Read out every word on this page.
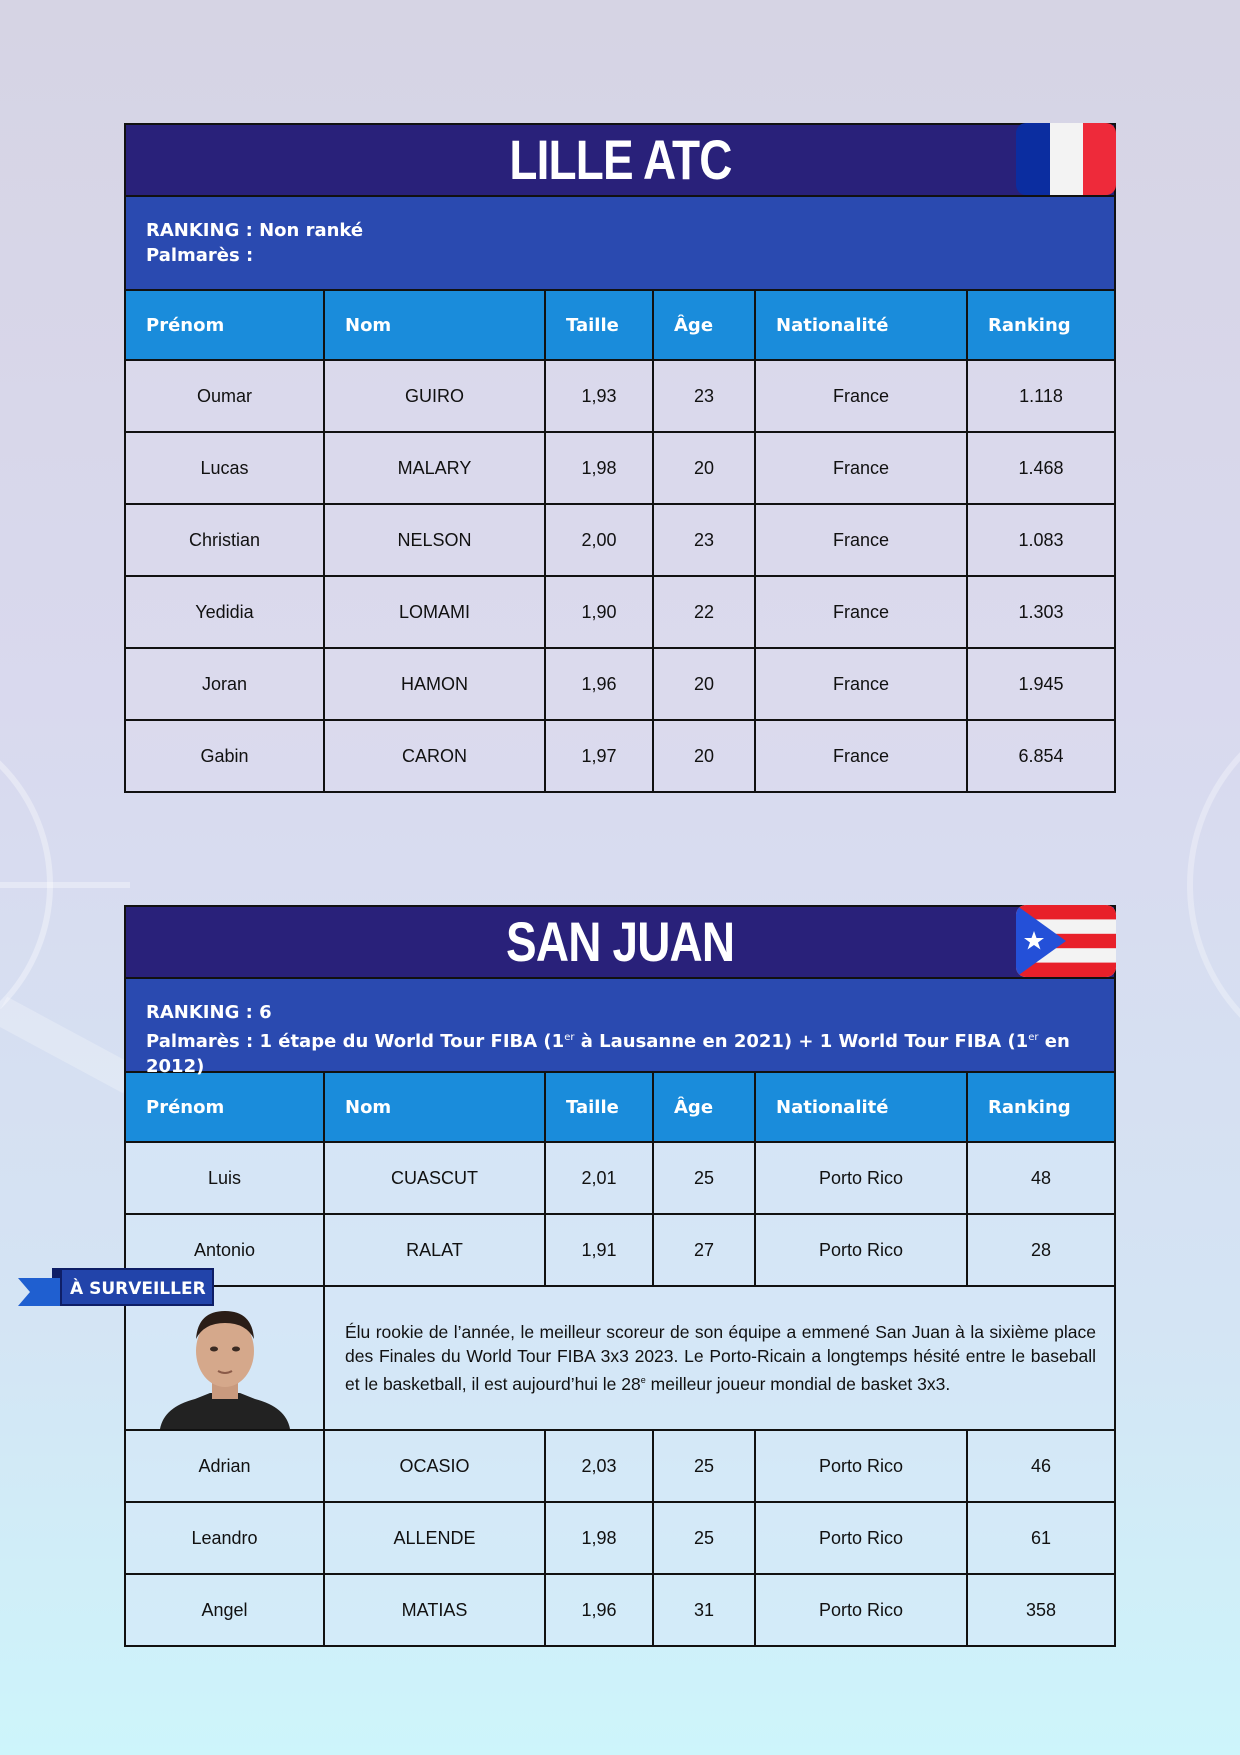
LILLE ATC
RANKING : Non ranké
Palmarès :
Prénom	Nom	Taille	Âge	Nationalité	Ranking
Oumar	GUIRO	1,93	23	France	1.118
Lucas	MALARY	1,98	20	France	1.468
Christian	NELSON	2,00	23	France	1.083
Yedidia	LOMAMI	1,90	22	France	1.303
Joran	HAMON	1,96	20	France	1.945
Gabin	CARON	1,97	20	France	6.854
SAN JUAN
RANKING : 6
Palmarès : 1 étape du World Tour FIBA (1er à Lausanne en 2021) + 1 World Tour FIBA (1er en 2012)
Prénom	Nom	Taille	Âge	Nationalité	Ranking
Luis	CUASCUT	2,01	25	Porto Rico	48
Antonio	RALAT	1,91	27	Porto Rico	28

	Élu rookie de l’année, le meilleur scoreur de son équipe a emmené San Juan à la sixième place des Finales du World Tour FIBA 3x3 2023. Le Porto-Ricain a longtemps hésité entre le baseball et le basketball, il est aujourd’hui le 28e meilleur joueur mondial de basket 3x3.				
Adrian	OCASIO	2,03	25	Porto Rico	46
Leandro	ALLENDE	1,98	25	Porto Rico	61
Angel	MATIAS	1,96	31	Porto Rico	358
À SURVEILLER
